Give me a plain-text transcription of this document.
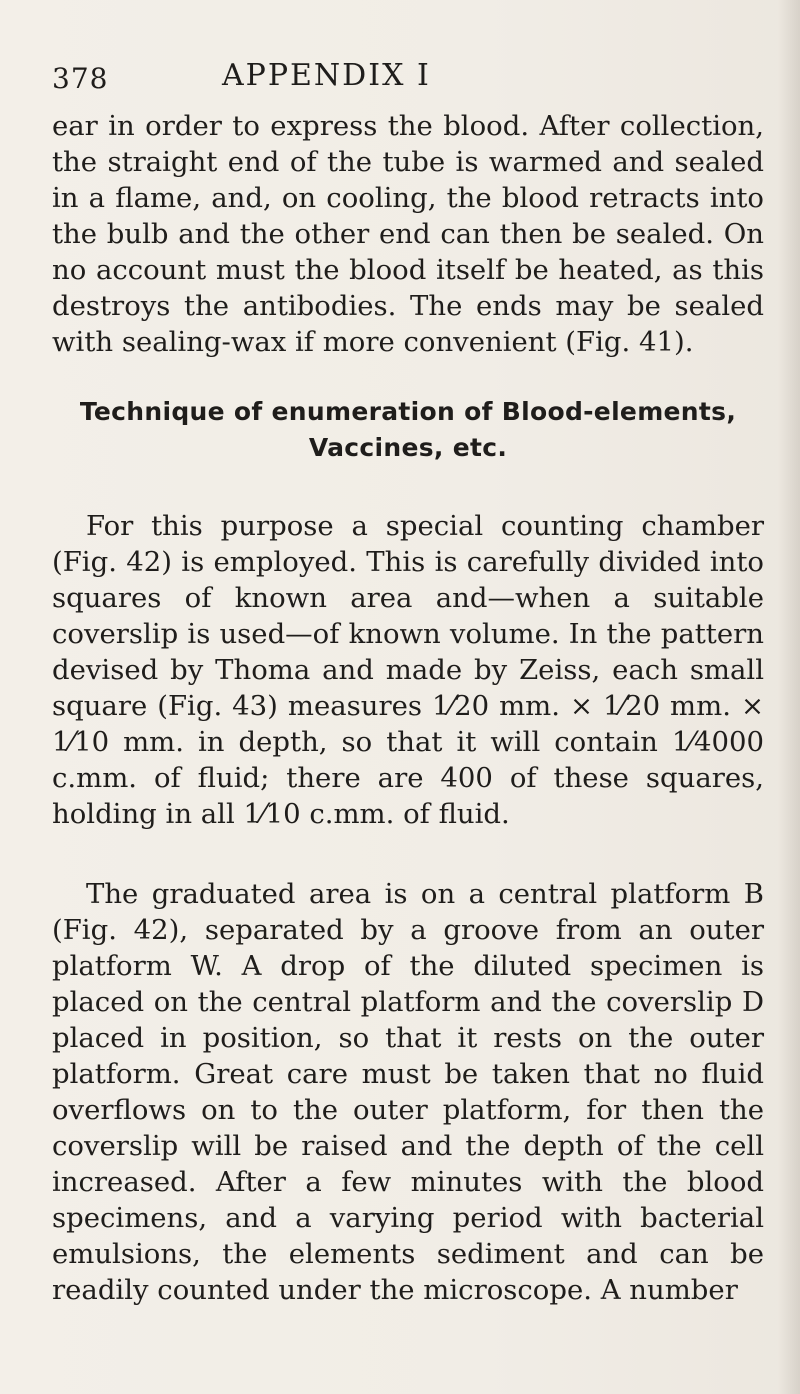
378	APPENDIX I

ear in order to express the blood. After collection, the straight end of the tube is warmed and sealed in a flame, and, on cooling, the blood retracts into the bulb and the other end can then be sealed. On no account must the blood itself be heated, as this destroys the antibodies. The ends may be sealed with sealing-wax if more convenient (Fig. 41).

Technique of enumeration of Blood-elements,
Vaccines, etc.

For this purpose a special counting chamber (Fig. 42) is employed. This is carefully divided into squares of known area and—when a suitable coverslip is used—of known volume. In the pattern devised by Thoma and made by Zeiss, each small square (Fig. 43) measures 1⁄20 mm. × 1⁄20 mm. × 1⁄10 mm. in depth, so that it will contain 1⁄4000 c.mm. of fluid; there are 400 of these squares, holding in all 1⁄10 c.mm. of fluid.

The graduated area is on a central platform B (Fig. 42), separated by a groove from an outer platform W. A drop of the diluted specimen is placed on the central platform and the coverslip D placed in position, so that it rests on the outer platform. Great care must be taken that no fluid overflows on to the outer platform, for then the coverslip will be raised and the depth of the cell increased. After a few minutes with the blood specimens, and a varying period with bacterial emulsions, the elements sediment and can be readily counted under the microscope. A number
